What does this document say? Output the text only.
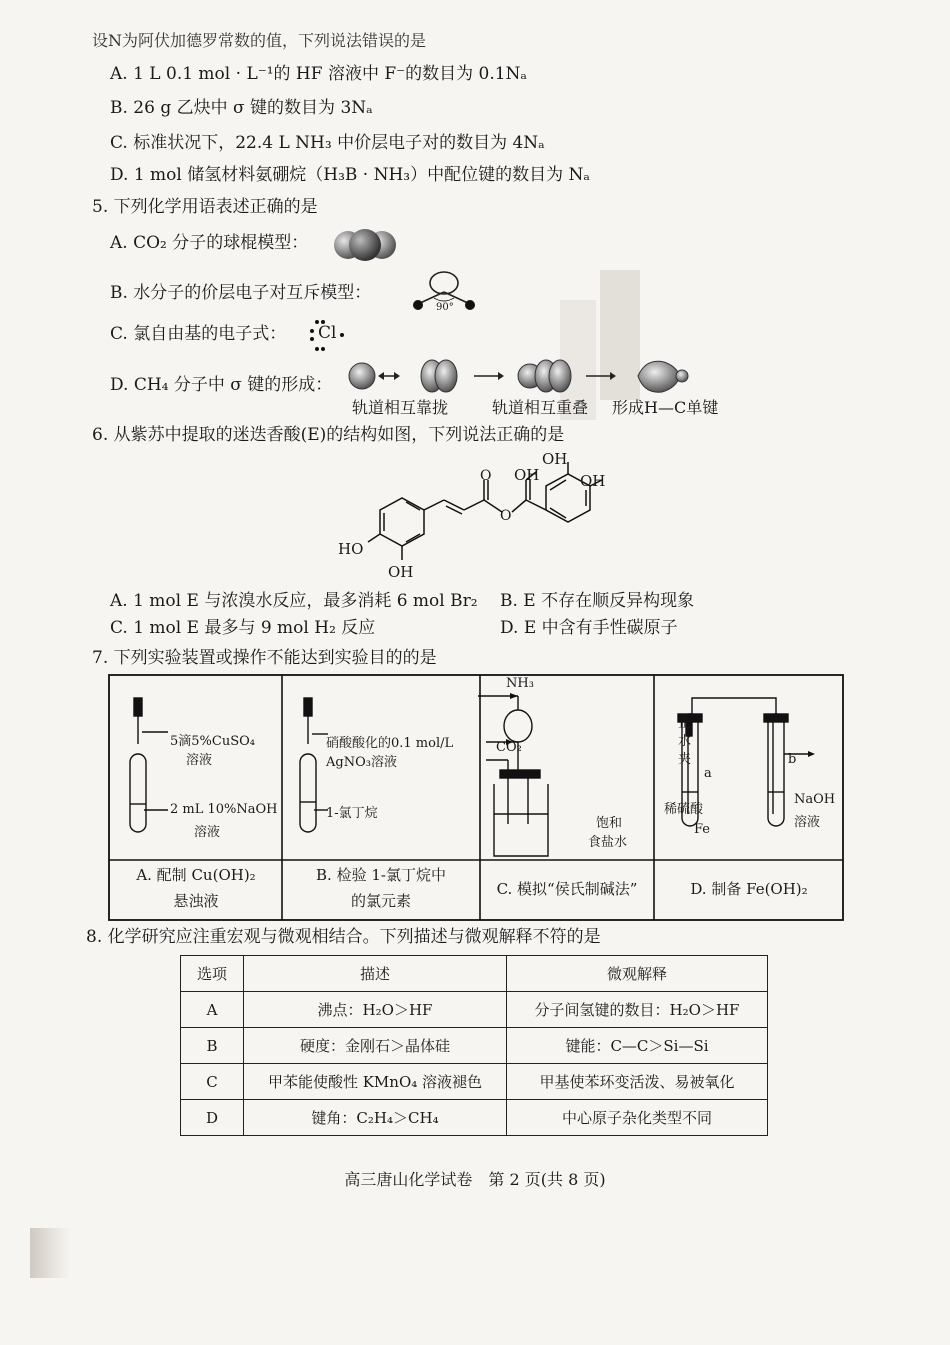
设N为阿伏加德罗常数的值，下列说法错误的是
A. 1 L 0.1 mol · L⁻¹的 HF 溶液中 F⁻的数目为 0.1Nₐ
B. 26 g 乙炔中 σ 键的数目为 3Nₐ
C. 标准状况下，22.4 L NH₃ 中价层电子对的数目为 4Nₐ
D. 1 mol 储氢材料氨硼烷（H₃B · NH₃）中配位键的数目为 Nₐ
5. 下列化学用语表述正确的是
A. CO₂ 分子的球棍模型：
B. 水分子的价层电子对互斥模型：
90°
C. 氯自由基的电子式： Cl
D. CH₄ 分子中 σ 键的形成：
轨道相互靠拢	轨道相互重叠 形成H—C单键
6. 从紫苏中提取的迷迭香酸(E)的结构如图，下列说法正确的是
OH
OH	OH
HO
OH
O
O
A. 1 mol E 与浓溴水反应，最多消耗 6 mol Br₂ B. E 不存在顺反异构现象
C. 1 mol E 最多与 9 mol H₂ 反应	D. E 中含有手性碳原子
7. 下列实验装置或操作不能达到实验目的的是
5滴5%CuSO₄
溶液
2 mL 10%NaOH
溶液
A. 配制 Cu(OH)₂
悬浊液
硝酸酸化的0.1 mol/L
AgNO₃溶液
1-氯丁烷
B. 检验 1-氯丁烷中
的氯元素
NH₃
CO₂
饱和
食盐水
C. 模拟“侯氏制碱法”
止
水
夹
a
b
稀硫酸
Fe
NaOH
溶液
D. 制备 Fe(OH)₂
8. 化学研究应注重宏观与微观相结合。下列描述与微观解释不符的是
选项	描述	微观解释
A	沸点：H₂O＞HF	分子间氢键的数目：H₂O＞HF
B	硬度：金刚石＞晶体硅	键能：C—C＞Si—Si
C	甲苯能使酸性 KMnO₄ 溶液褪色	甲基使苯环变活泼、易被氧化
D	键角：C₂H₄＞CH₄	中心原子杂化类型不同
高三唐山化学试卷　第 2 页(共 8 页)
